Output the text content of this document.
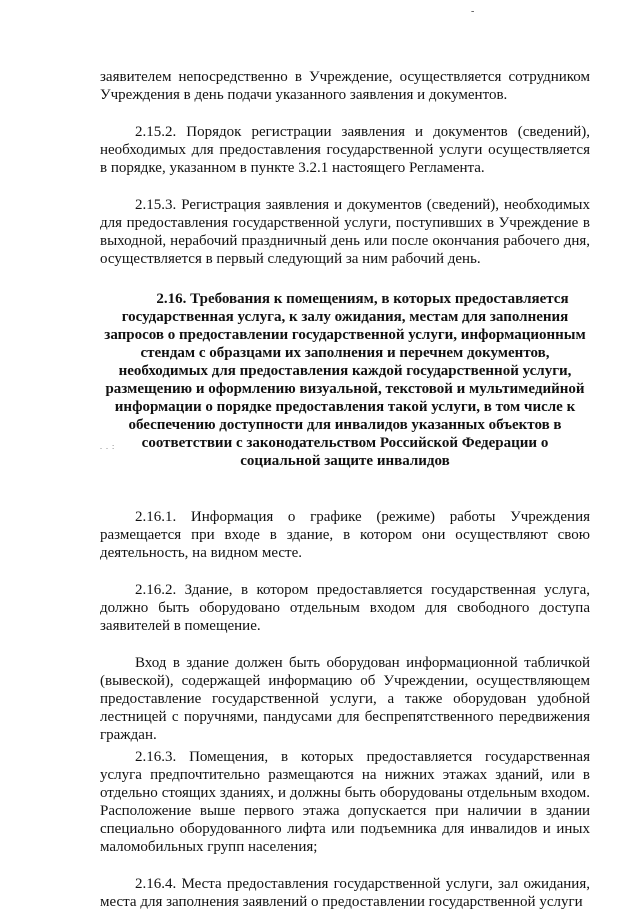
-

заявителем непосредственно в Учреждение, осуществляется сотрудником Учреждения в день подачи указанного заявления и документов.

2.15.2. Порядок регистрации заявления и документов (сведений), необходимых для предоставления государственной услуги осуществляется в порядке, указанном в пункте 3.2.1 настоящего Регламента.

2.15.3. Регистрация заявления и документов (сведений), необходимых для предоставления государственной услуги, поступивших в Учреждение в выходной, нерабочий праздничный день или после окончания рабочего дня, осуществляется в первый следующий за ним рабочий день.

2.16. Требования к помещениям, в которых предоставляется государственная услуга, к залу ожидания, местам для заполнения запросов о предоставлении государственной услуги, информационным стендам с образцами их заполнения и перечнем документов, необходимых для предоставления каждой государственной услуги, размещению и оформлению визуальной, текстовой и мультимедийной информации о порядке предоставления такой услуги, в том числе к обеспечению доступности для инвалидов указанных объектов в соответствии с законодательством Российской Федерации о социальной защите инвалидов

2.16.1. Информация о графике (режиме) работы Учреждения размещается при входе в здание, в котором они осуществляют свою деятельность, на видном месте.

2.16.2. Здание, в котором предоставляется государственная услуга, должно быть оборудовано отдельным входом для свободного доступа заявителей в помещение.

Вход в здание должен быть оборудован информационной табличкой (вывеской), содержащей информацию об Учреждении, осуществляющем предоставление государственной услуги, а также оборудован удобной лестницей с поручнями, пандусами для беспрепятственного передвижения граждан.

2.16.3. Помещения, в которых предоставляется государственная услуга предпочтительно размещаются на нижних этажах зданий, или в отдельно стоящих зданиях, и должны быть оборудованы отдельным входом. Расположение выше первого этажа допускается при наличии в здании специально оборудованного лифта или подъемника для инвалидов и иных маломобильных групп населения;

2.16.4. Места предоставления государственной услуги, зал ожидания, места для заполнения заявлений о предоставлении государственной услуги

. . :
